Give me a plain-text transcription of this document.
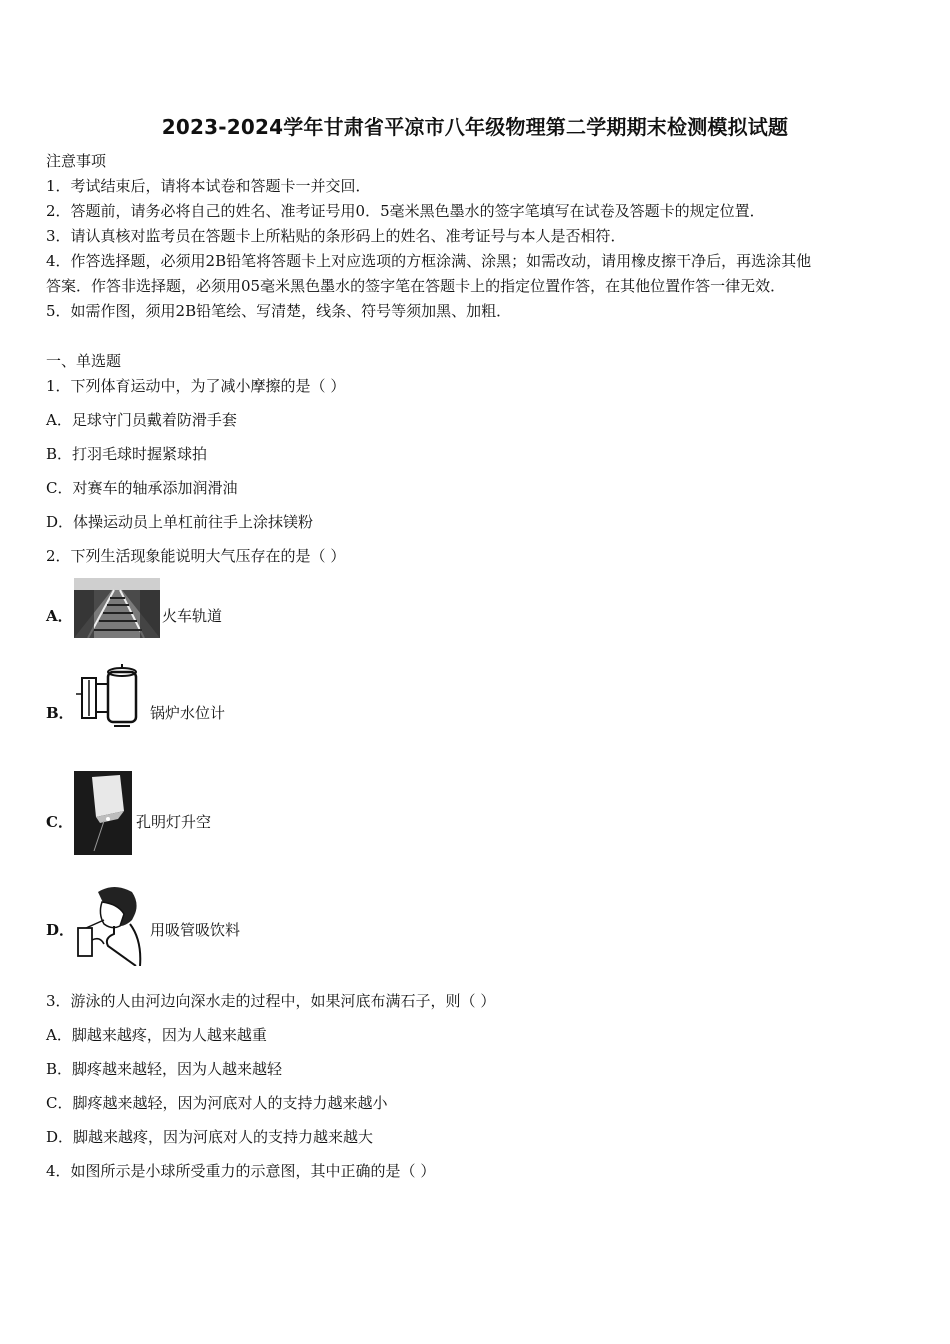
2023-2024学年甘肃省平凉市八年级物理第二学期期末检测模拟试题
注意事项
1．考试结束后，请将本试卷和答题卡一并交回．
2．答题前，请务必将自己的姓名、准考证号用0．5毫米黑色墨水的签字笔填写在试卷及答题卡的规定位置．
3．请认真核对监考员在答题卡上所粘贴的条形码上的姓名、准考证号与本人是否相符．
4．作答选择题，必须用2B铅笔将答题卡上对应选项的方框涂满、涂黑；如需改动，请用橡皮擦干净后，再选涂其他
答案．作答非选择题，必须用05毫米黑色墨水的签字笔在答题卡上的指定位置作答，在其他位置作答一律无效．
5．如需作图，须用2B铅笔绘、写清楚，线条、符号等须加黑、加粗．
一、单选题
1．下列体育运动中，为了减小摩擦的是（ ）
A．足球守门员戴着防滑手套
B．打羽毛球时握紧球拍
C．对赛车的轴承添加润滑油
D．体操运动员上单杠前往手上涂抹镁粉
2．下列生活现象能说明大气压存在的是（ ）
A．	火车轨道
B．	锅炉水位计
C．	孔明灯升空
D．	用吸管吸饮料
3．游泳的人由河边向深水走的过程中，如果河底布满石子，则（ ）
A．脚越来越疼，因为人越来越重
B．脚疼越来越轻，因为人越来越轻
C．脚疼越来越轻，因为河底对人的支持力越来越小
D．脚越来越疼，因为河底对人的支持力越来越大
4．如图所示是小球所受重力的示意图，其中正确的是（ ）
